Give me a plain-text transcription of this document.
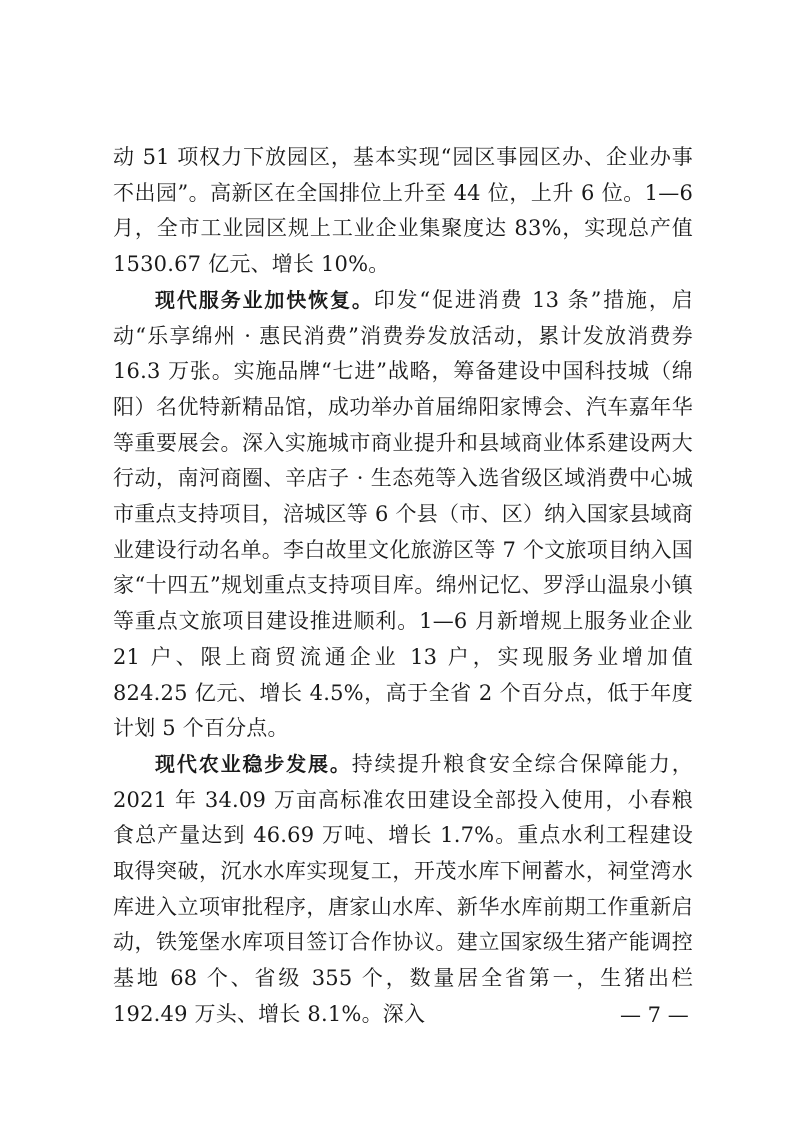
动 51 项权力下放园区，基本实现“园区事园区办、企业办事不出园”。高新区在全国排位上升至 44 位，上升 6 位。1—6 月，全市工业园区规上工业企业集聚度达 83%，实现总产值 1530.67 亿元、增长 10%。

现代服务业加快恢复。印发“促进消费 13 条”措施，启动“乐享绵州 · 惠民消费”消费券发放活动，累计发放消费券 16.3 万张。实施品牌“七进”战略，筹备建设中国科技城（绵阳）名优特新精品馆，成功举办首届绵阳家博会、汽车嘉年华等重要展会。深入实施城市商业提升和县域商业体系建设两大行动，南河商圈、辛店子 · 生态苑等入选省级区域消费中心城市重点支持项目，涪城区等 6 个县（市、区）纳入国家县域商业建设行动名单。李白故里文化旅游区等 7 个文旅项目纳入国家“十四五”规划重点支持项目库。绵州记忆、罗浮山温泉小镇等重点文旅项目建设推进顺利。1—6 月新增规上服务业企业 21 户、限上商贸流通企业 13 户，实现服务业增加值 824.25 亿元、增长 4.5%，高于全省 2 个百分点，低于年度计划 5 个百分点。

现代农业稳步发展。持续提升粮食安全综合保障能力，2021 年 34.09 万亩高标准农田建设全部投入使用，小春粮食总产量达到 46.69 万吨、增长 1.7%。重点水利工程建设取得突破，沉水水库实现复工，开茂水库下闸蓄水，祠堂湾水库进入立项审批程序，唐家山水库、新华水库前期工作重新启动，铁笼堡水库项目签订合作协议。建立国家级生猪产能调控基地 68 个、省级 355 个，数量居全省第一，生猪出栏 192.49 万头、增长 8.1%。深入	— 7 —
